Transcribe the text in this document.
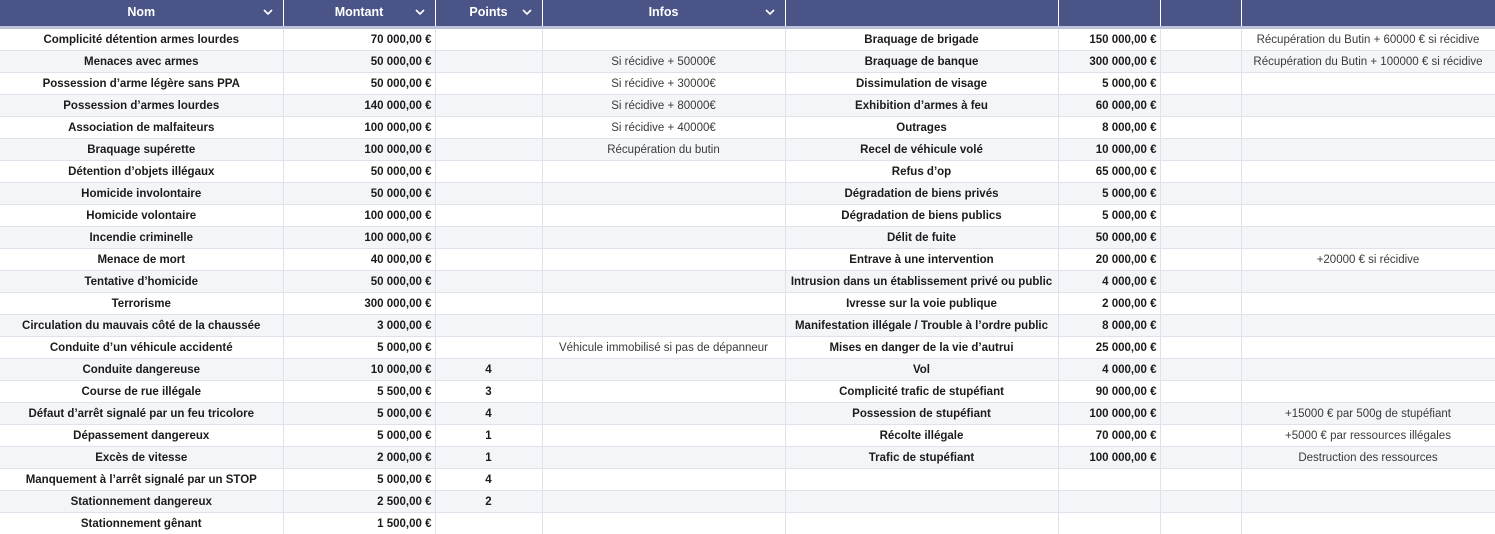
Nom	Montant	Points	Infos				

Complicité détention armes lourdes	70 000,00 €			Braquage de brigade	150 000,00 €		Récupération du Butin + 60000 € si récidive
Menaces avec armes	50 000,00 €		Si récidive + 50000€	Braquage de banque	300 000,00 €		Récupération du Butin + 100000 € si récidive
Possession d’arme légère sans PPA	50 000,00 €		Si récidive + 30000€	Dissimulation de visage	5 000,00 €		
Possession d’armes lourdes	140 000,00 €		Si récidive + 80000€	Exhibition d’armes à feu	60 000,00 €		
Association de malfaiteurs	100 000,00 €		Si récidive + 40000€	Outrages	8 000,00 €		
Braquage supérette	100 000,00 €		Récupération du butin	Recel de véhicule volé	10 000,00 €		
Détention d’objets illégaux	50 000,00 €			Refus d’op	65 000,00 €		
Homicide involontaire	50 000,00 €			Dégradation de biens privés	5 000,00 €		
Homicide volontaire	100 000,00 €			Dégradation de biens publics	5 000,00 €		
Incendie criminelle	100 000,00 €			Délit de fuite	50 000,00 €		
Menace de mort	40 000,00 €			Entrave à une intervention	20 000,00 €		+20000 € si récidive
Tentative d’homicide	50 000,00 €			Intrusion dans un établissement privé ou public	4 000,00 €		
Terrorisme	300 000,00 €			Ivresse sur la voie publique	2 000,00 €		
Circulation du mauvais côté de la chaussée	3 000,00 €			Manifestation illégale / Trouble à l’ordre public	8 000,00 €		
Conduite d’un véhicule accidenté	5 000,00 €		Véhicule immobilisé si pas de dépanneur	Mises en danger de la vie d’autrui	25 000,00 €		
Conduite dangereuse	10 000,00 €	4		Vol	4 000,00 €		
Course de rue illégale	5 500,00 €	3		Complicité trafic de stupéfiant	90 000,00 €		
Défaut d’arrêt signalé par un feu tricolore	5 000,00 €	4		Possession de stupéfiant	100 000,00 €		+15000 € par 500g de stupéfiant
Dépassement dangereux	5 000,00 €	1		Récolte illégale	70 000,00 €		+5000 € par ressources illégales
Excès de vitesse	2 000,00 €	1		Trafic de stupéfiant	100 000,00 €		Destruction des ressources
Manquement à l’arrêt signalé par un STOP	5 000,00 €	4					
Stationnement dangereux	2 500,00 €	2					
Stationnement gênant	1 500,00 €						
